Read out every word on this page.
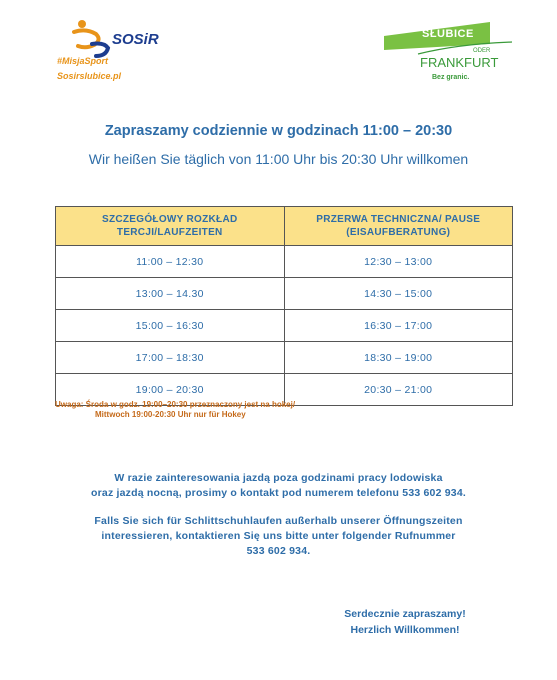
SOSiR
#MisjaSport
Sosirslubice.pl
SŁUBICE
ODER
FRANKFURT
Bez granic.
Zapraszamy codziennie w godzinach 11:00 – 20:30
Wir heißen Sie täglich von 11:00 Uhr bis 20:30 Uhr willkomen
SZCZEGÓŁOWY ROZKŁAD
TERCJI/LAUFZEITEN	PRZERWA TECHNICZNA/ PAUSE
(EISAUFBERATUNG)
11:00 – 12:30	12:30 – 13:00
13:00 – 14.30	14:30 – 15:00
15:00 – 16:30	16:30 – 17:00
17:00 – 18:30	18:30 – 19:00
19:00 – 20:30	20:30 – 21:00
Uwaga: Środa w godz. 19:00–20:30 przeznaczony jest na hokej/
Mittwoch 19:00-20:30 Uhr nur für Hokey
W razie zainteresowania jazdą poza godzinami pracy lodowiska
oraz jazdą nocną, prosimy o kontakt pod numerem telefonu 533 602 934.
Falls Sie sich für Schlittschuhlaufen außerhalb unserer Öffnungszeiten
interessieren, kontaktieren Się uns bitte unter folgender Rufnummer
533 602 934.
Serdecznie zapraszamy!
Herzlich Willkommen!
